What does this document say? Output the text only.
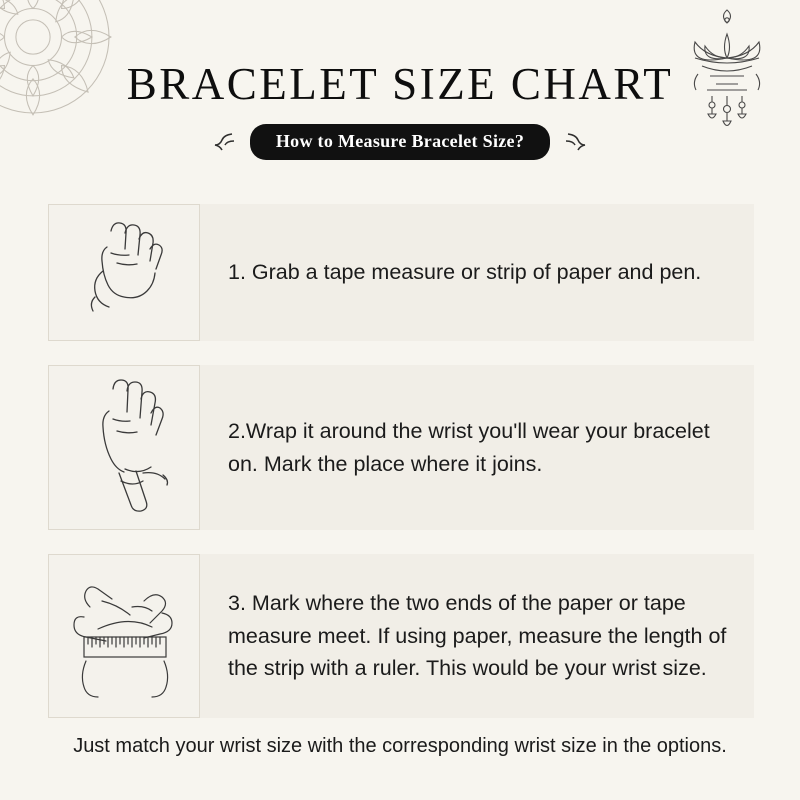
BRACELET SIZE CHART
How to Measure Bracelet Size?
1. Grab a tape measure or strip of paper and pen.
2.Wrap it around the wrist you'll wear your bracelet on. Mark the place where it joins.
3. Mark where the two ends of the paper or tape measure meet. If using paper, measure the length of the strip with a ruler. This would be your wrist size.
Just match your wrist size with the corresponding wrist size in the options.
